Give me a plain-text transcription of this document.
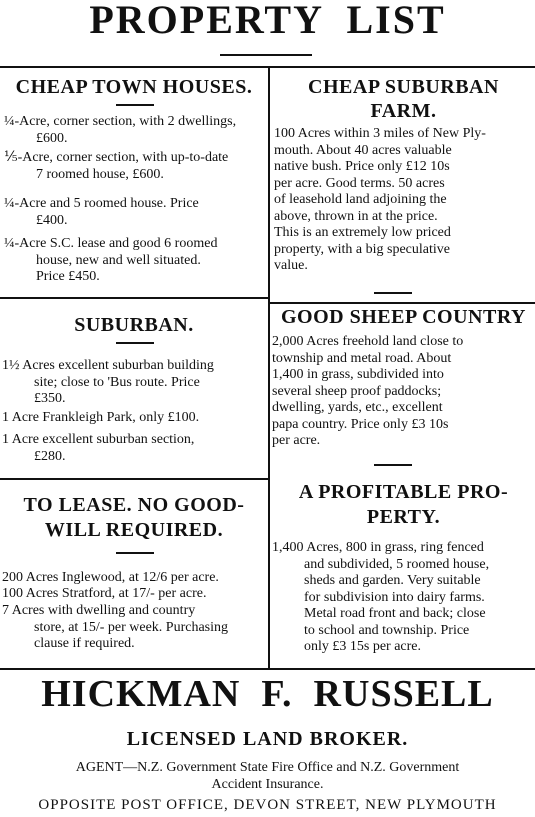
PROPERTY  LIST
CHEAP TOWN HOUSES.
¼-Acre, corner section, with 2 dwellings,
£600.
⅕-Acre, corner section, with up-to-date
7 roomed house, £600.
¼-Acre and 5 roomed house. Price
£400.
¼-Acre S.C. lease and good 6 roomed
house, new and well situated.
Price £450.
SUBURBAN.
1½ Acres excellent suburban building
site; close to 'Bus route. Price
£350.
1 Acre Frankleigh Park, only £100.
1 Acre excellent suburban section,
£280.
TO LEASE. NO GOOD-
WILL REQUIRED.
200 Acres Inglewood, at 12/6 per acre.
100 Acres Stratford, at 17/- per acre.
7 Acres with dwelling and country
store, at 15/- per week. Purchasing
clause if required.
CHEAP SUBURBAN
FARM.
100 Acres within 3 miles of New Ply-
mouth. About 40 acres valuable
native bush. Price only £12 10s
per acre. Good terms. 50 acres
of leasehold land adjoining the
above, thrown in at the price.
This is an extremely low priced
property, with a big speculative
value.
GOOD SHEEP COUNTRY
2,000 Acres freehold land close to
township and metal road. About
1,400 in grass, subdivided into
several sheep proof paddocks;
dwelling, yards, etc., excellent
papa country. Price only £3 10s
per acre.
A PROFITABLE PRO-
PERTY.
1,400 Acres, 800 in grass, ring fenced
and subdivided, 5 roomed house,
sheds and garden. Very suitable
for subdivision into dairy farms.
Metal road front and back; close
to school and township. Price
only £3 15s per acre.
HICKMAN  F.  RUSSELL
LICENSED LAND BROKER.
AGENT—N.Z. Government State Fire Office and N.Z. Government
Accident Insurance.
OPPOSITE POST OFFICE, DEVON STREET, NEW PLYMOUTH
